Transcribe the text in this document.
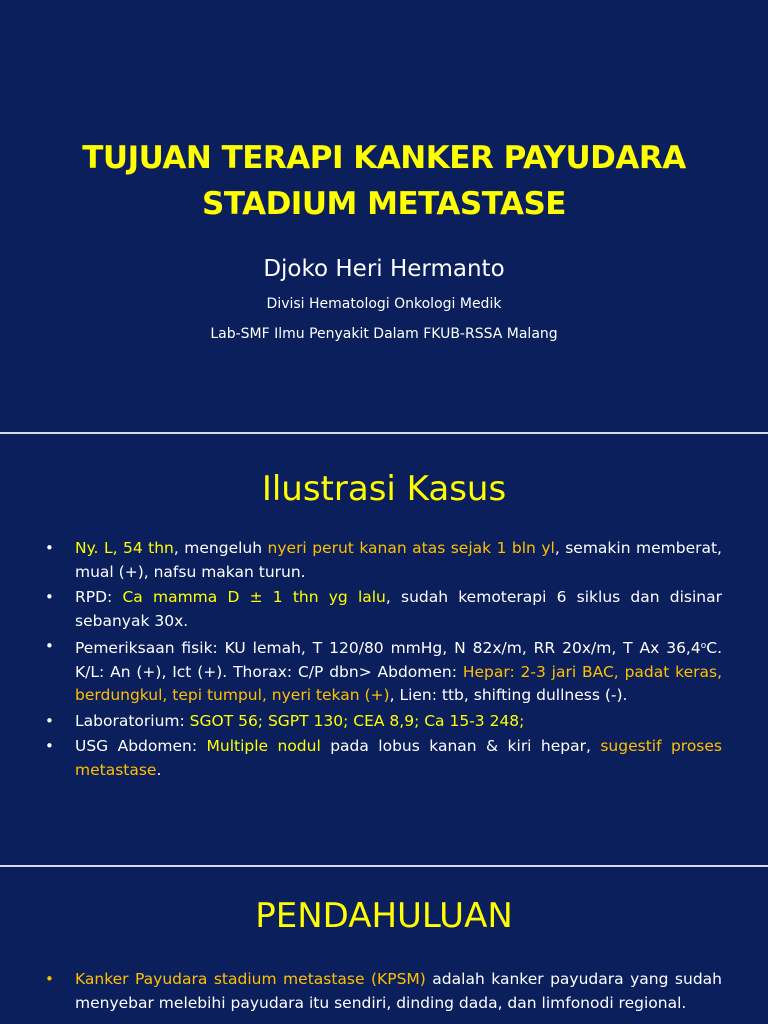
TUJUAN TERAPI KANKER PAYUDARA
STADIUM METASTASE
Djoko Heri Hermanto
Divisi Hematologi Onkologi Medik
Lab-SMF Ilmu Penyakit Dalam FKUB-RSSA Malang
Ilustrasi Kasus
• Ny. L, 54 thn, mengeluh nyeri perut kanan atas sejak 1 bln yl, semakin memberat, mual (+), nafsu makan turun.
• RPD: Ca mamma D ± 1 thn yg lalu, sudah kemoterapi 6 siklus dan disinar sebanyak 30x.
• Pemeriksaan fisik: KU lemah, T 120/80 mmHg, N 82x/m, RR 20x/m, T Ax 36,4$^o$C. K/L: An (+), Ict (+). Thorax: C/P dbn> Abdomen: Hepar: 2-3 jari BAC, padat keras, berdungkul, tepi tumpul, nyeri tekan (+), Lien: ttb, shifting dullness (-).
• Laboratorium: SGOT 56; SGPT 130; CEA 8,9; Ca 15-3 248;
• USG Abdomen: Multiple nodul pada lobus kanan & kiri hepar, sugestif proses metastase.
PENDAHULUAN
• Kanker Payudara stadium metastase (KPSM) adalah kanker payudara yang sudah menyebar melebihi payudara itu sendiri, dinding dada, dan limfonodi regional.
